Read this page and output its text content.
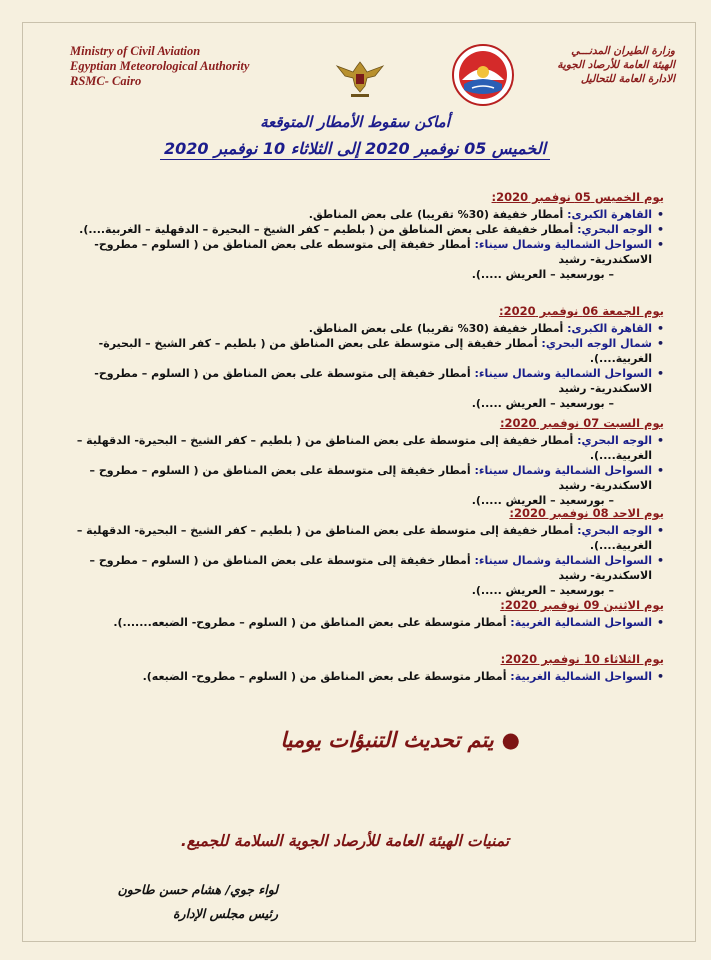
Ministry of Civil Aviation
Egyptian Meteorological Authority
RSMC- Cairo
وزارة الطيران المدنـــي
الهيئة العامة للأرصاد الجوية
الادارة العامة للتحاليل
أماكن سقوط الأمطار المتوقعة
الخميس 05 نوفمبر 2020 إلى الثلاثاء 10 نوفمبر 2020
يوم الخميس 05 نوفمبر 2020:
• القاهرة الكبرى: أمطار خفيفة (30% تقريبا) على بعض المناطق.
• الوجه البحري: أمطار خفيفة على بعض المناطق من ( بلطيم – كفر الشيخ – البحيرة – الدقهلية – الغربية....).
• السواحل الشمالية وشمال سيناء: أمطار خفيفة إلى متوسطه على بعض المناطق من ( السلوم – مطروح- الاسكندرية- رشيد
– بورسعيد – العريش .....).
يوم الجمعة 06 نوفمبر 2020:
• القاهرة الكبرى: أمطار خفيفة (30% تقريبا) على بعض المناطق.
• شمال الوجه البحري: أمطار خفيفة إلى متوسطة على بعض المناطق من ( بلطيم – كفر الشيخ – البحيرة- الغربية....).
• السواحل الشمالية وشمال سيناء: أمطار خفيفة إلى متوسطة على بعض المناطق من ( السلوم – مطروح- الاسكندرية- رشيد
– بورسعيد – العريش .....).
يوم السبت 07 نوفمبر 2020:
• الوجه البحري: أمطار خفيفة إلى متوسطة على بعض المناطق من ( بلطيم – كفر الشيخ – البحيرة- الدقهلية – الغربية....).
• السواحل الشمالية وشمال سيناء: أمطار خفيفة إلى متوسطة على بعض المناطق من ( السلوم – مطروح – الاسكندرية- رشيد
– بورسعيد – العريش .....).
يوم الاحد 08 نوفمبر 2020:
• الوجه البحري: أمطار خفيفة إلى متوسطة على بعض المناطق من ( بلطيم – كفر الشيخ – البحيرة- الدقهلية – الغربية....).
• السواحل الشمالية وشمال سيناء: أمطار خفيفة إلى متوسطة على بعض المناطق من ( السلوم – مطروح – الاسكندرية- رشيد
– بورسعيد – العريش .....).
يوم الاثنين 09 نوفمبر 2020:
• السواحل الشمالية الغربية: أمطار متوسطة على بعض المناطق من ( السلوم – مطروح- الضبعه.......).
يوم الثلاثاء 10 نوفمبر 2020:
• السواحل الشمالية الغربية: أمطار متوسطة على بعض المناطق من ( السلوم – مطروح- الضبعه).
●يتم تحديث التنبؤات يوميا
تمنيات الهيئة العامة للأرصاد الجوية السلامة للجميع.
لواء جوي/ هشام حسن طاحون
رئيس مجلس الإدارة
